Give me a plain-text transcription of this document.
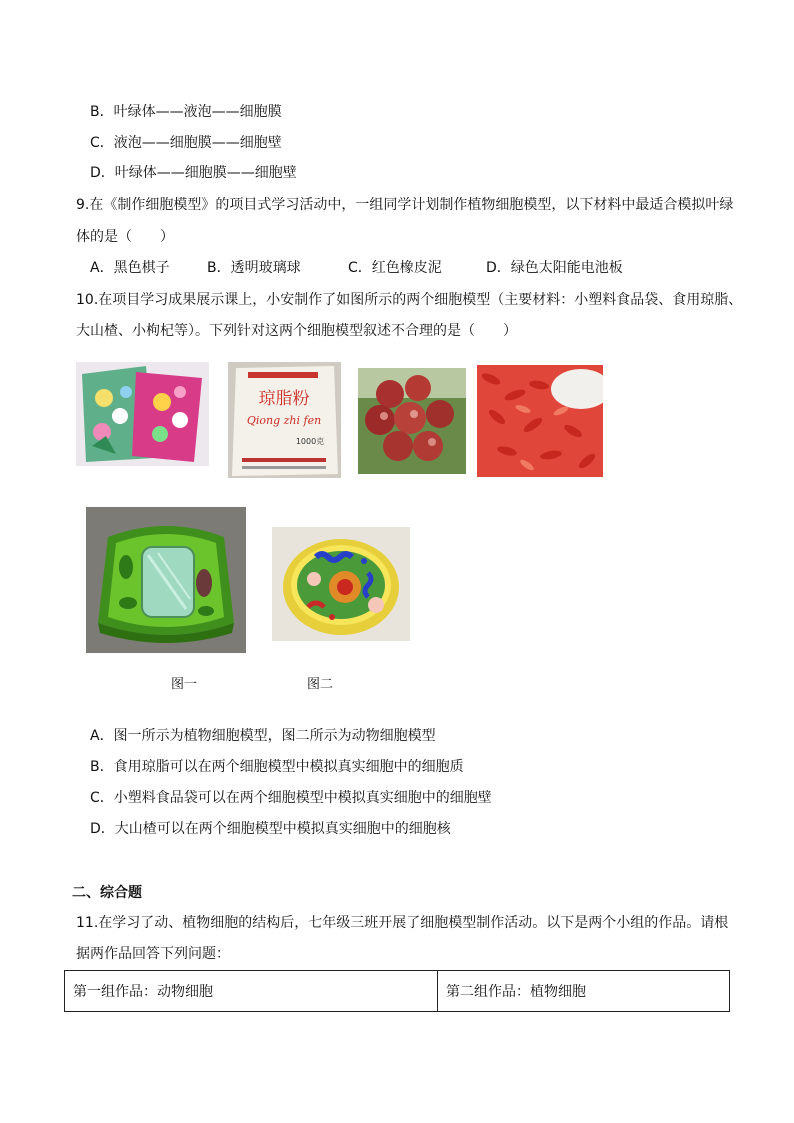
B．叶绿体——液泡——细胞膜
C．液泡——细胞膜——细胞壁
D．叶绿体——细胞膜——细胞壁
9.在《制作细胞模型》的项目式学习活动中，一组同学计划制作植物细胞模型，以下材料中最适合模拟叶绿
体的是（　　）
A．黑色棋子	B．透明玻璃球	C．红色橡皮泥	D．绿色太阳能电池板
10.在项目学习成果展示课上，小安制作了如图所示的两个细胞模型（主要材料：小塑料食品袋、食用琼脂、
大山楂、小枸杞等）。下列针对这两个细胞模型叙述不合理的是（　　）
琼脂粉
Qiong zhi fen
1000克
图一	图二
A．图一所示为植物细胞模型，图二所示为动物细胞模型
B．食用琼脂可以在两个细胞模型中模拟真实细胞中的细胞质
C．小塑料食品袋可以在两个细胞模型中模拟真实细胞中的细胞壁
D．大山楂可以在两个细胞模型中模拟真实细胞中的细胞核
二、综合题
11.在学习了动、植物细胞的结构后，七年级三班开展了细胞模型制作活动。以下是两个小组的作品。请根
据两作品回答下列问题：
第一组作品：动物细胞	第二组作品：植物细胞
